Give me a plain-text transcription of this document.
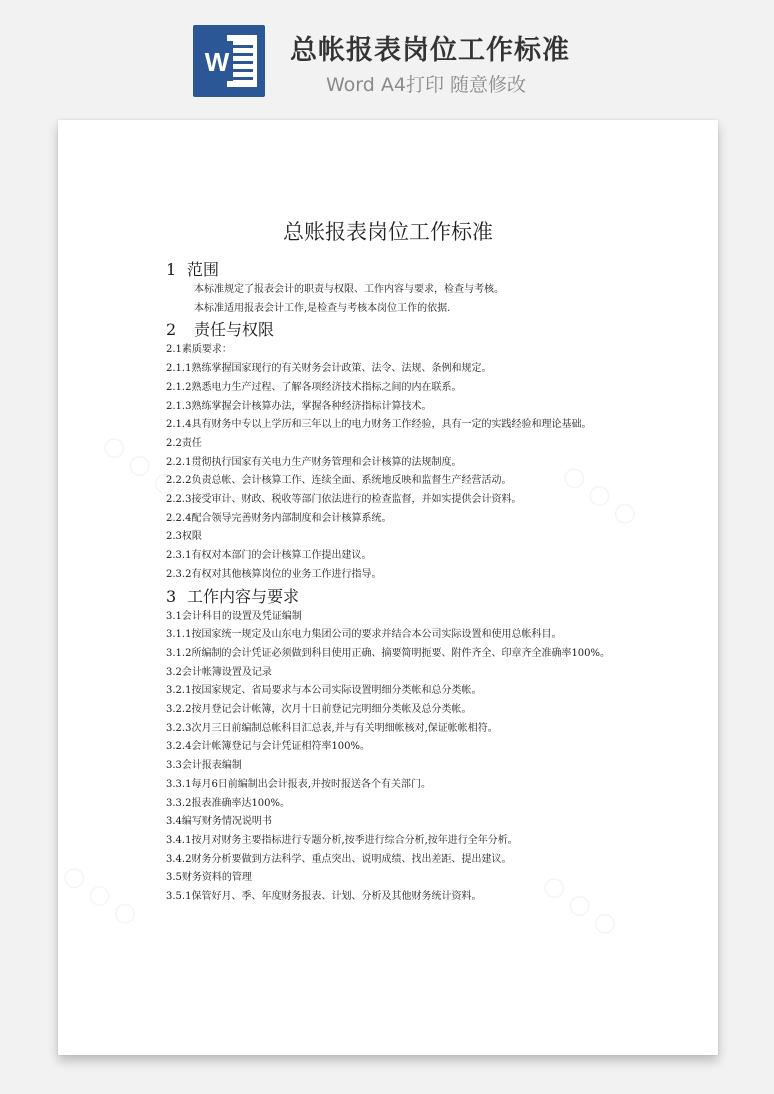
W 总帐报表岗位工作标准
Word A4打印 随意修改
总账报表岗位工作标准
1 范围
本标准规定了报表会计的职责与权限、工作内容与要求，检查与考核。
本标准适用报表会计工作,是检查与考核本岗位工作的依据.
2 责任与权限
2.1素质要求：
2.1.1熟练掌握国家现行的有关财务会计政策、法令、法规、条例和规定。
2.1.2熟悉电力生产过程、了解各项经济技术指标之间的内在联系。
2.1.3熟练掌握会计核算办法，掌握各种经济指标计算技术。
2.1.4具有财务中专以上学历和三年以上的电力财务工作经验，具有一定的实践经验和理论基础。
2.2责任
2.2.1贯彻执行国家有关电力生产财务管理和会计核算的法规制度。
2.2.2负责总帐、会计核算工作、连续全面、系统地反映和监督生产经营活动。
2.2.3接受审计、财政、税收等部门依法进行的检查监督，并如实提供会计资料。
2.2.4配合领导完善财务内部制度和会计核算系统。
2.3权限
2.3.1有权对本部门的会计核算工作提出建议。
2.3.2有权对其他核算岗位的业务工作进行指导。
3 工作内容与要求
3.1会计科目的设置及凭证编制
3.1.1按国家统一规定及山东电力集团公司的要求并结合本公司实际设置和使用总帐科目。
3.1.2所编制的会计凭证必须做到科目使用正确、摘要简明扼要、附件齐全、印章齐全准确率100%。
3.2会计帐簿设置及记录
3.2.1按国家规定、省局要求与本公司实际设置明细分类帐和总分类帐。
3.2.2按月登记会计帐簿，次月十日前登记完明细分类帐及总分类帐。
3.2.3次月三日前编制总帐科目汇总表,并与有关明细帐核对,保证帐帐相符。
3.2.4会计帐簿登记与会计凭证相符率100%。
3.3会计报表编制
3.3.1每月6日前编制出会计报表,并按时报送各个有关部门。
3.3.2报表准确率达100%。
3.4编写财务情况说明书
3.4.1按月对财务主要指标进行专题分析,按季进行综合分析,按年进行全年分析。
3.4.2财务分析要做到方法科学、重点突出、说明成绩、找出差距、提出建议。
3.5财务资料的管理
3.5.1保管好月、季、年度财务报表、计划、分析及其他财务统计资料。
